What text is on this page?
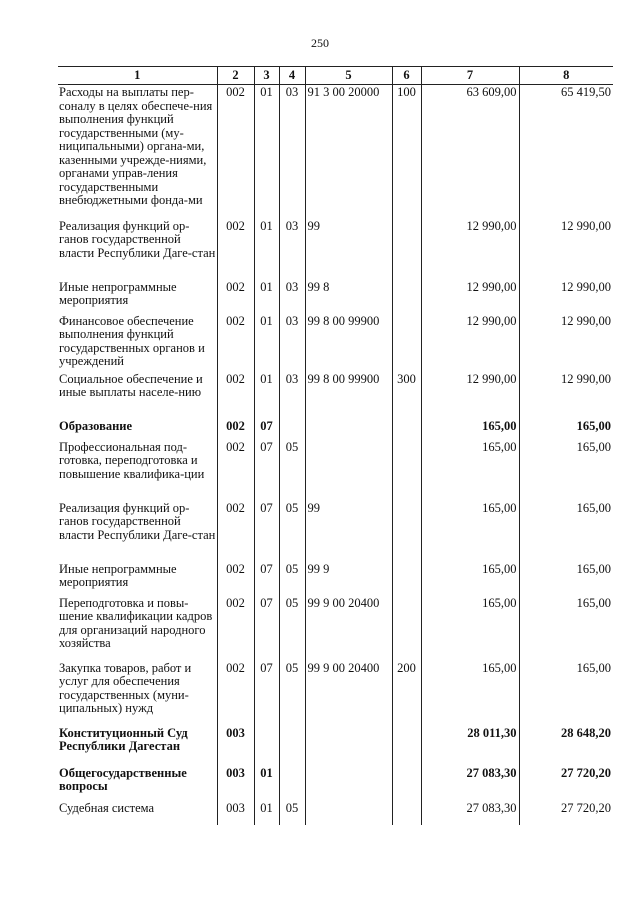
250
1	2	3	4	5	6	7	8
Расходы на выплаты пер-соналу в целях обеспече-ния выполнения функций государственными (му-ниципальными) органа-ми, казенными учрежде-ниями, органами управ-ления государственными внебюджетными фонда-ми	002	01	03	91 3 00 20000	100	63 609,00	65 419,50
Реализация функций ор-ганов государственной власти Республики Даге-стан	002	01	03	99		12 990,00	12 990,00
Иные непрограммные мероприятия	002	01	03	99 8		12 990,00	12 990,00
Финансовое обеспечение выполнения функций государственных органов и учреждений	002	01	03	99 8 00 99900		12 990,00	12 990,00
Социальное обеспечение и иные выплаты населе-нию	002	01	03	99 8 00 99900	300	12 990,00	12 990,00
Образование	002	07				165,00	165,00
Профессиональная под-готовка, переподготовка и повышение квалифика-ции	002	07	05			165,00	165,00
Реализация функций ор-ганов государственной власти Республики Даге-стан	002	07	05	99		165,00	165,00
Иные непрограммные мероприятия	002	07	05	99 9		165,00	165,00
Переподготовка и повы-шение квалификации кадров для организаций народного хозяйства	002	07	05	99 9 00 20400		165,00	165,00
Закупка товаров, работ и услуг для обеспечения государственных (муни-ципальных) нужд	002	07	05	99 9 00 20400	200	165,00	165,00
Конституционный Суд Республики Дагестан	003					28 011,30	28 648,20
Общегосударственные вопросы	003	01				27 083,30	27 720,20
Судебная система	003	01	05			27 083,30	27 720,20
